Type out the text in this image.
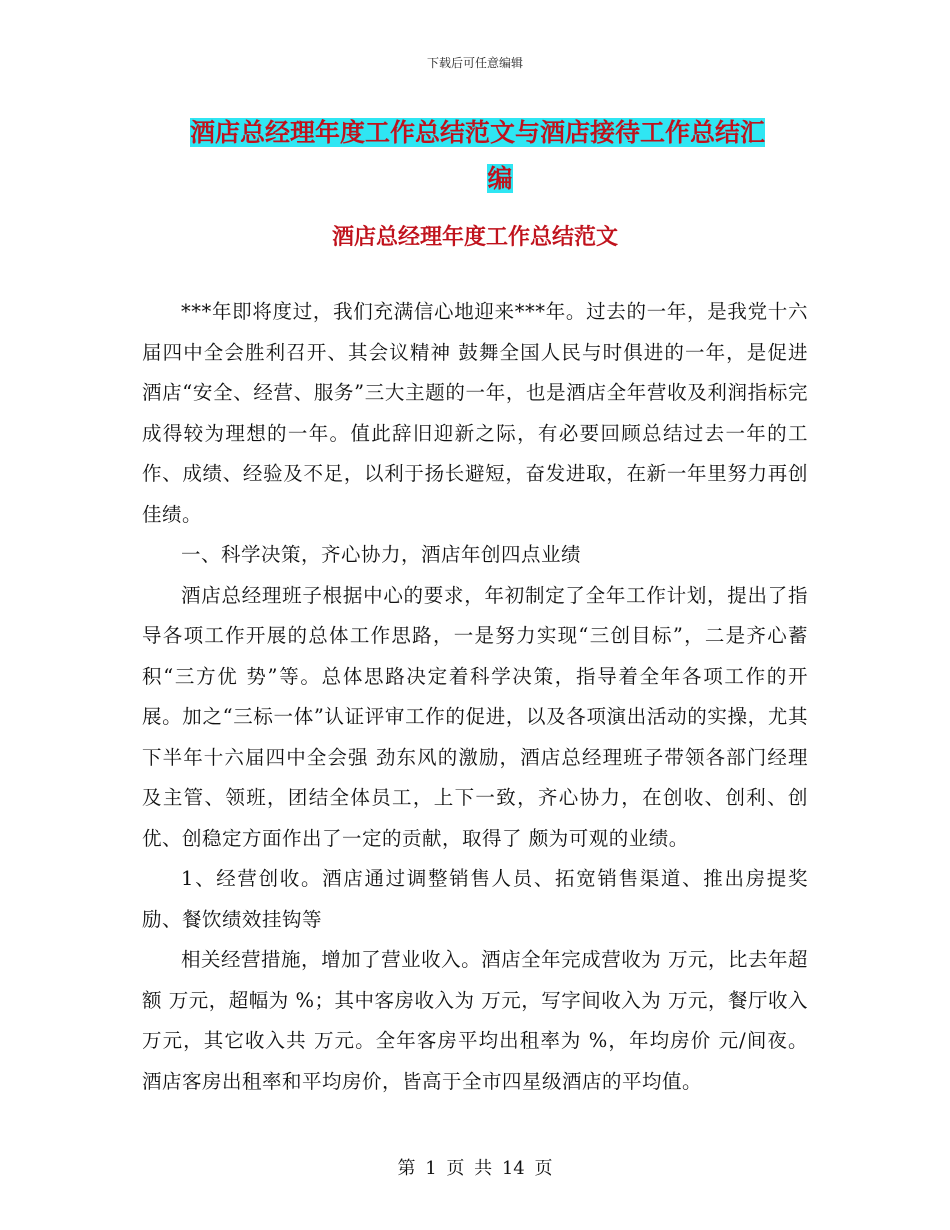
下载后可任意编辑
酒店总经理年度工作总结范文与酒店接待工作总结汇
编
酒店总经理年度工作总结范文

***年即将度过，我们充满信心地迎来***年。过去的一年，是我党十六届四中全会胜利召开、其会议精神 鼓舞全国人民与时俱进的一年，是促进酒店“安全、经营、服务”三大主题的一年，也是酒店全年营收及利润指标完成得较为理想的一年。值此辞旧迎新之际，有必要回顾总结过去一年的工作、成绩、经验及不足，以利于扬长避短，奋发进取，在新一年里努力再创佳绩。

一、科学决策，齐心协力，酒店年创四点业绩

酒店总经理班子根据中心的要求，年初制定了全年工作计划，提出了指导各项工作开展的总体工作思路，一是努力实现“三创目标”，二是齐心蓄积“三方优 势”等。总体思路决定着科学决策，指导着全年各项工作的开展。加之“三标一体”认证评审工作的促进，以及各项演出活动的实操，尤其下半年十六届四中全会强 劲东风的激励，酒店总经理班子带领各部门经理及主管、领班，团结全体员工，上下一致，齐心协力，在创收、创利、创优、创稳定方面作出了一定的贡献，取得了 颇为可观的业绩。

1、经营创收。酒店通过调整销售人员、拓宽销售渠道、推出房提奖励、餐饮绩效挂钩等

相关经营措施，增加了营业收入。酒店全年完成营收为 万元，比去年超额 万元，超幅为 %；其中客房收入为 万元，写字间收入为 万元，餐厅收入 万元，其它收入共 万元。全年客房平均出租率为 %，年均房价 元/间夜。酒店客房出租率和平均房价，皆高于全市四星级酒店的平均值。

第 1 页 共 14 页
